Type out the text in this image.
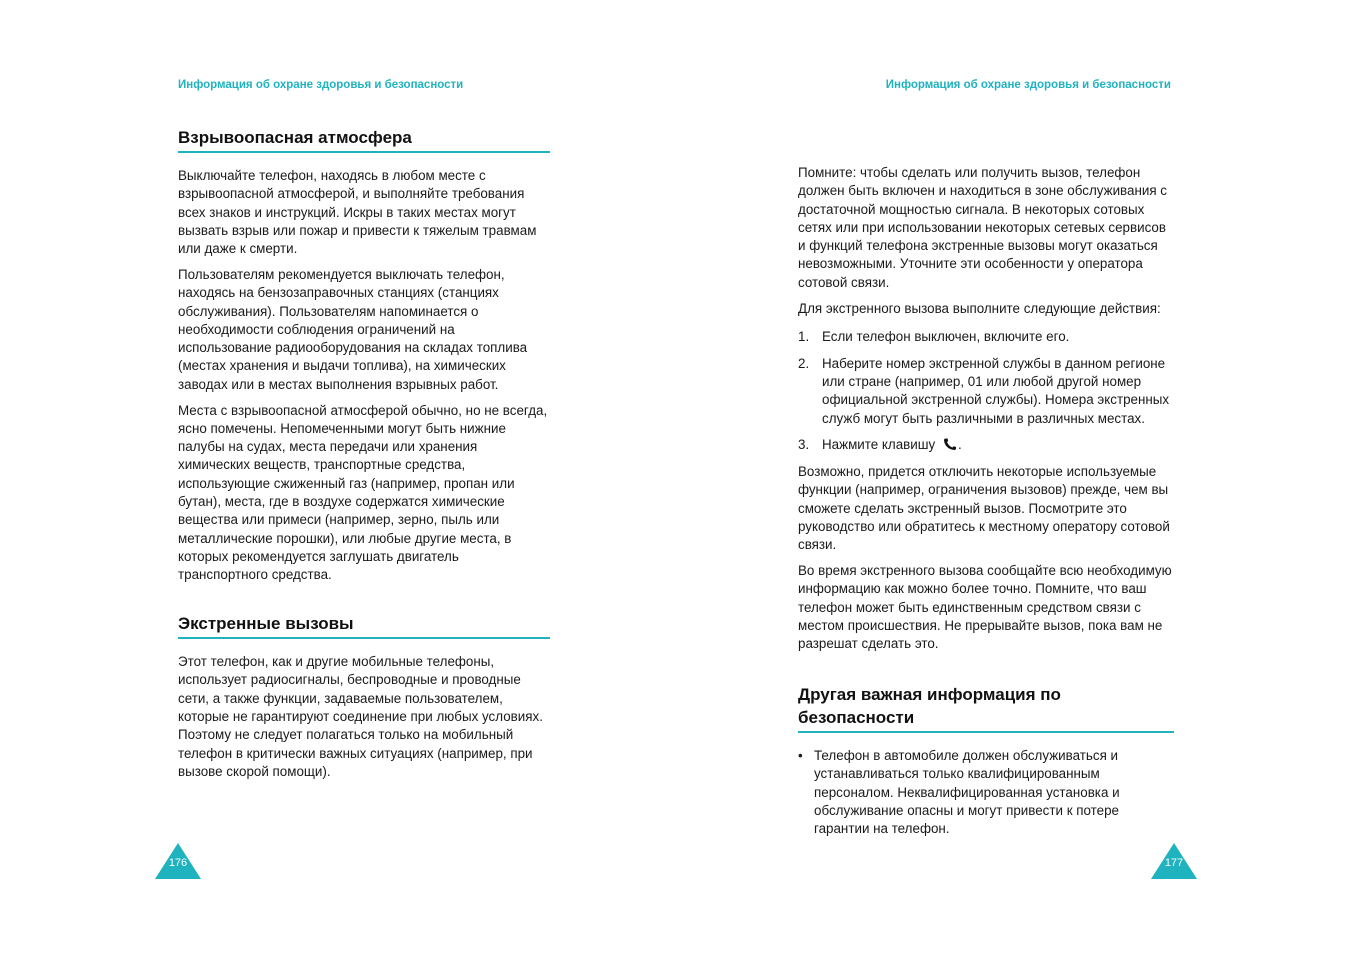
Информация об охране здоровья и безопасности
Взрывоопасная атмосфера

Выключайте телефон, находясь в любом месте с взрывоопасной атмосферой, и выполняйте требования всех знаков и инструкций. Искры в таких местах могут вызвать взрыв или пожар и привести к тяжелым травмам или даже к смерти.

Пользователям рекомендуется выключать телефон, находясь на бензозаправочных станциях (станциях обслуживания). Пользователям напоминается о необходимости соблюдения ограничений на использование радиооборудования на складах топлива (местах хранения и выдачи топлива), на химических заводах или в местах выполнения взрывных работ.

Места с взрывоопасной атмосферой обычно, но не всегда, ясно помечены. Непомеченными могут быть нижние палубы на судах, места передачи или хранения химических веществ, транспортные средства, использующие сжиженный газ (например, пропан или бутан), места, где в воздухе содержатся химические вещества или примеси (например, зерно, пыль или металлические порошки), или любые другие места, в которых рекомендуется заглушать двигатель транспортного средства.

Экстренные вызовы

Этот телефон, как и другие мобильные телефоны, использует радиосигналы, беспроводные и проводные сети, а также функции, задаваемые пользователем, которые не гарантируют соединение при любых условиях. Поэтому не следует полагаться только на мобильный телефон в критически важных ситуациях (например, при вызове скорой помощи).

176
Информация об охране здоровья и безопасности

Помните: чтобы сделать или получить вызов, телефон должен быть включен и находиться в зоне обслуживания с достаточной мощностью сигнала. В некоторых сотовых сетях или при использовании некоторых сетевых сервисов и функций телефона экстренные вызовы могут оказаться невозможными. Уточните эти особенности у оператора сотовой связи.

Для экстренного вызова выполните следующие действия:

1. Если телефон выключен, включите его.
2. Наберите номер экстренной службы в данном регионе или стране (например, 01 или любой другой номер официальной экстренной службы). Номера экстренных служб могут быть различными в различных местах.
3. Нажмите клавишу .

Возможно, придется отключить некоторые используемые функции (например, ограничения вызовов) прежде, чем вы сможете сделать экстренный вызов. Посмотрите это руководство или обратитесь к местному оператору сотовой связи.

Во время экстренного вызова сообщайте всю необходимую информацию как можно более точно. Помните, что ваш телефон может быть единственным средством связи с местом происшествия. Не прерывайте вызов, пока вам не разрешат сделать это.

Другая важная информация по безопасности
• Телефон в автомобиле должен обслуживаться и устанавливаться только квалифицированным персоналом. Неквалифицированная установка и обслуживание опасны и могут привести к потере гарантии на телефон.
177
